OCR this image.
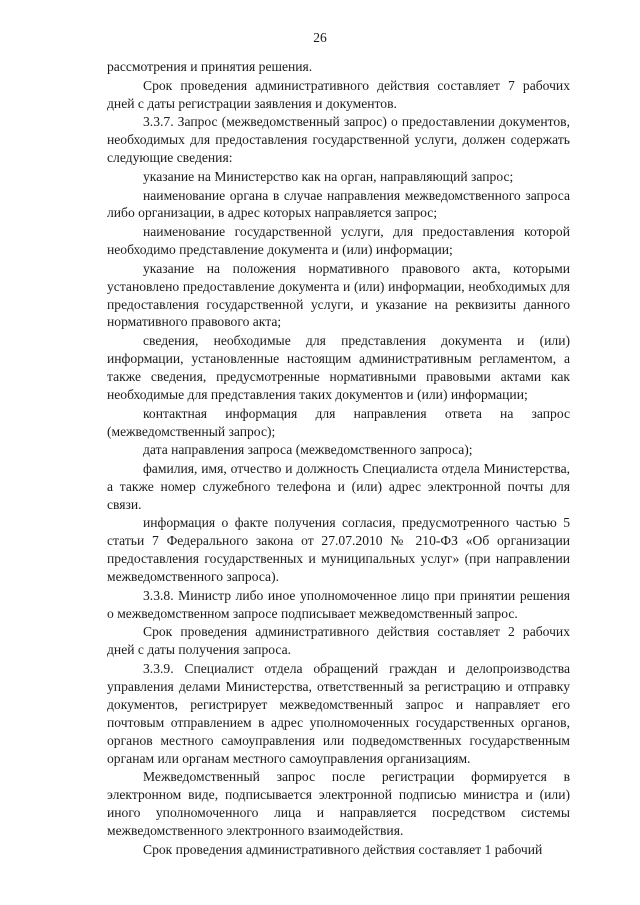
26

рассмотрения и принятия решения.

Срок проведения административного действия составляет 7 рабочих дней с даты регистрации заявления и документов.

3.3.7. Запрос (межведомственный запрос) о предоставлении документов, необходимых для предоставления государственной услуги, должен содержать следующие сведения:

указание на Министерство как на орган, направляющий запрос;

наименование органа в случае направления межведомственного запроса либо организации, в адрес которых направляется запрос;

наименование государственной услуги, для предоставления которой необходимо представление документа и (или) информации;

указание на положения нормативного правового акта, которыми установлено предоставление документа и (или) информации, необходимых для предоставления государственной услуги, и указание на реквизиты данного нормативного правового акта;

сведения, необходимые для представления документа и (или) информации, установленные настоящим административным регламентом, а также сведения, предусмотренные нормативными правовыми актами как необходимые для представления таких документов и (или) информации;

контактная информация для направления ответа на запрос (межведомственный запрос);

дата направления запроса (межведомственного запроса);

фамилия, имя, отчество и должность Специалиста отдела Министерства, а также номер служебного телефона и (или) адрес электронной почты для связи.

информация о факте получения согласия, предусмотренного частью 5 статьи 7 Федерального закона от 27.07.2010 № 210-ФЗ «Об организации предоставления государственных и муниципальных услуг» (при направлении межведомственного запроса).

3.3.8. Министр либо иное уполномоченное лицо при принятии решения о межведомственном запросе подписывает межведомственный запрос.

Срок проведения административного действия составляет 2 рабочих дней с даты получения запроса.

3.3.9. Специалист отдела обращений граждан и делопроизводства управления делами Министерства, ответственный за регистрацию и отправку документов, регистрирует межведомственный запрос и направляет его почтовым отправлением в адрес уполномоченных государственных органов, органов местного самоуправления или подведомственных государственным органам или органам местного самоуправления организациям.

Межведомственный запрос после регистрации формируется в электронном виде, подписывается электронной подписью министра и (или) иного уполномоченного лица и направляется посредством системы межведомственного электронного взаимодействия.

Срок проведения административного действия составляет 1 рабочий
